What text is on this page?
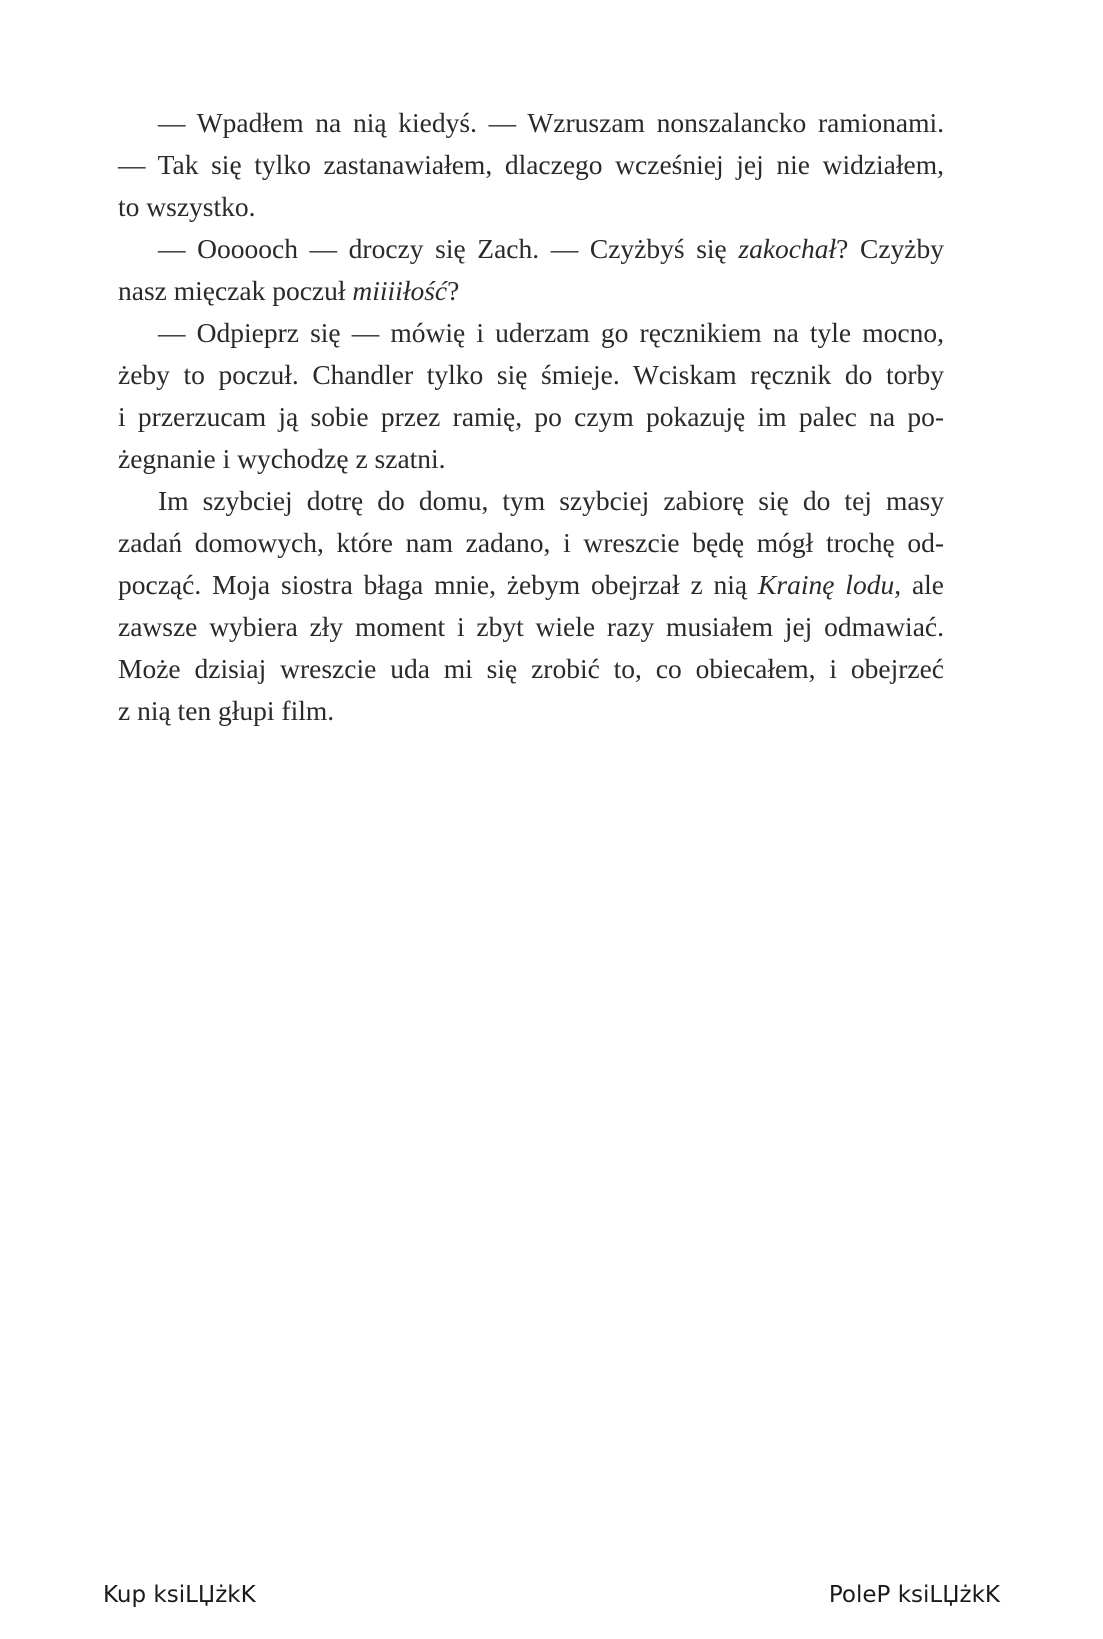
— Wpadłem na nią kiedyś. — Wzruszam nonszalancko ramionami.
— Tak się tylko zastanawiałem, dlaczego wcześniej jej nie widziałem,
to wszystko.
— Oooooch — droczy się Zach. — Czyżbyś się zakochał? Czyżby
nasz mięczak poczuł miiiiłość?
— Odpieprz się — mówię i uderzam go ręcznikiem na tyle mocno,
żeby to poczuł. Chandler tylko się śmieje. Wciskam ręcznik do torby
i przerzucam ją sobie przez ramię, po czym pokazuję im palec na po-
żegnanie i wychodzę z szatni.
Im szybciej dotrę do domu, tym szybciej zabiorę się do tej masy
zadań domowych, które nam zadano, i wreszcie będę mógł trochę od-
począć. Moja siostra błaga mnie, żebym obejrzał z nią Krainę lodu, ale
zawsze wybiera zły moment i zbyt wiele razy musiałem jej odmawiać.
Może dzisiaj wreszcie uda mi się zrobić to, co obiecałem, i obejrzeć
z nią ten głupi film.
Kup ksiLЏżkK	PoleP ksiLЏżkK
